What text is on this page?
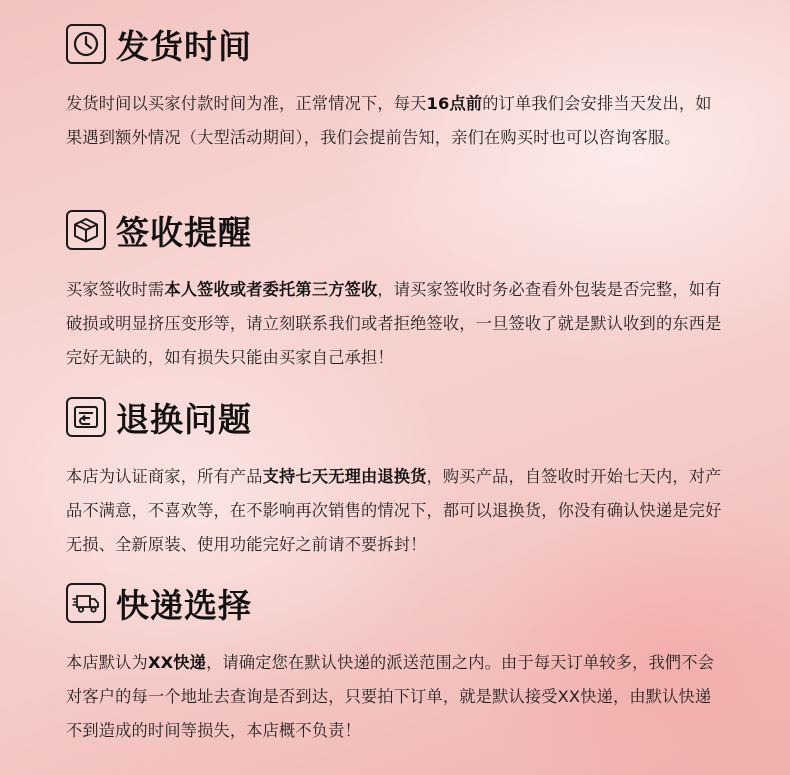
发货时间
发货时间以买家付款时间为准，正常情况下，每天16点前的订单我们会安排当天发出，如果遇到额外情况（大型活动期间），我们会提前告知，亲们在购买时也可以咨询客服。
签收提醒
买家签收时需本人签收或者委托第三方签收，请买家签收时务必查看外包装是否完整，如有破损或明显挤压变形等，请立刻联系我们或者拒绝签收，一旦签收了就是默认收到的东西是完好无缺的，如有损失只能由买家自己承担！
退换问题
本店为认证商家，所有产品支持七天无理由退换货，购买产品，自签收时开始七天内，对产品不满意，不喜欢等，在不影响再次销售的情况下，都可以退换货，你没有确认快递是完好无损、全新原装、使用功能完好之前请不要拆封！
快递选择
本店默认为XX快递，请确定您在默认快递的派送范围之内。由于每天订单较多，我們不会对客户的每一个地址去查询是否到达，只要拍下订单，就是默认接受XX快递，由默认快递不到造成的时间等损失，本店概不负责！
